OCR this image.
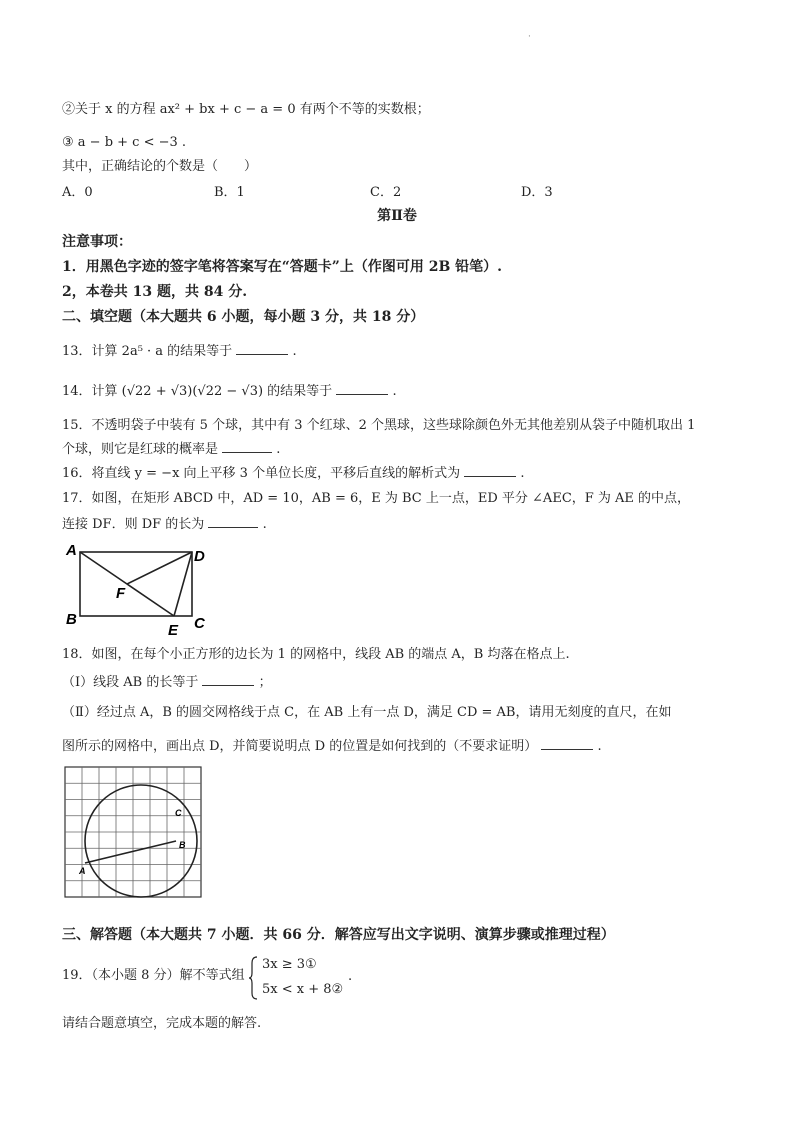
·
②关于 x 的方程 ax² + bx + c − a = 0 有两个不等的实数根；
③ a − b + c < −3 .
其中，正确结论的个数是（　　）
A．0	B．1	C．2	D．3
第Ⅱ卷
注意事项：
1．用黑色字迹的签字笔将答案写在“答题卡”上（作图可用 2B 铅笔）.
2，本卷共 13 题，共 84 分.
二、填空题（本大题共 6 小题，每小题 3 分，共 18 分）
13．计算 2a⁵ · a 的结果等于	.
14．计算 (√22 + √3)(√22 − √3) 的结果等于	.
15．不透明袋子中装有 5 个球，其中有 3 个红球、2 个黑球，这些球除颜色外无其他差别从袋子中随机取出 1
个球，则它是红球的概率是	.
16．将直线 y = −x 向上平移 3 个单位长度，平移后直线的解析式为	.
17．如图，在矩形 ABCD 中，AD = 10，AB = 6，E 为 BC 上一点，ED 平分 ∠AEC，F 为 AE 的中点，
连接 DF．则 DF 的长为	.
A	D
F
B
E C
18．如图，在每个小正方形的边长为 1 的网格中，线段 AB 的端点 A，B 均落在格点上.
（Ⅰ）线段 AB 的长等于	；
（Ⅱ）经过点 A，B 的圆交网格线于点 C，在 AB 上有一点 D，满足 CD = AB，请用无刻度的直尺，在如
图所示的网格中，画出点 D，并简要说明点 D 的位置是如何找到的（不要求证明）	.
A
B
C
三、解答题（本大题共 7 小题．共 66 分．解答应写出文字说明、演算步骤或推理过程）
19．（本小题 8 分）解不等式组
3x ≥ 3①
5x < x + 8②
.
请结合题意填空，完成本题的解答.
